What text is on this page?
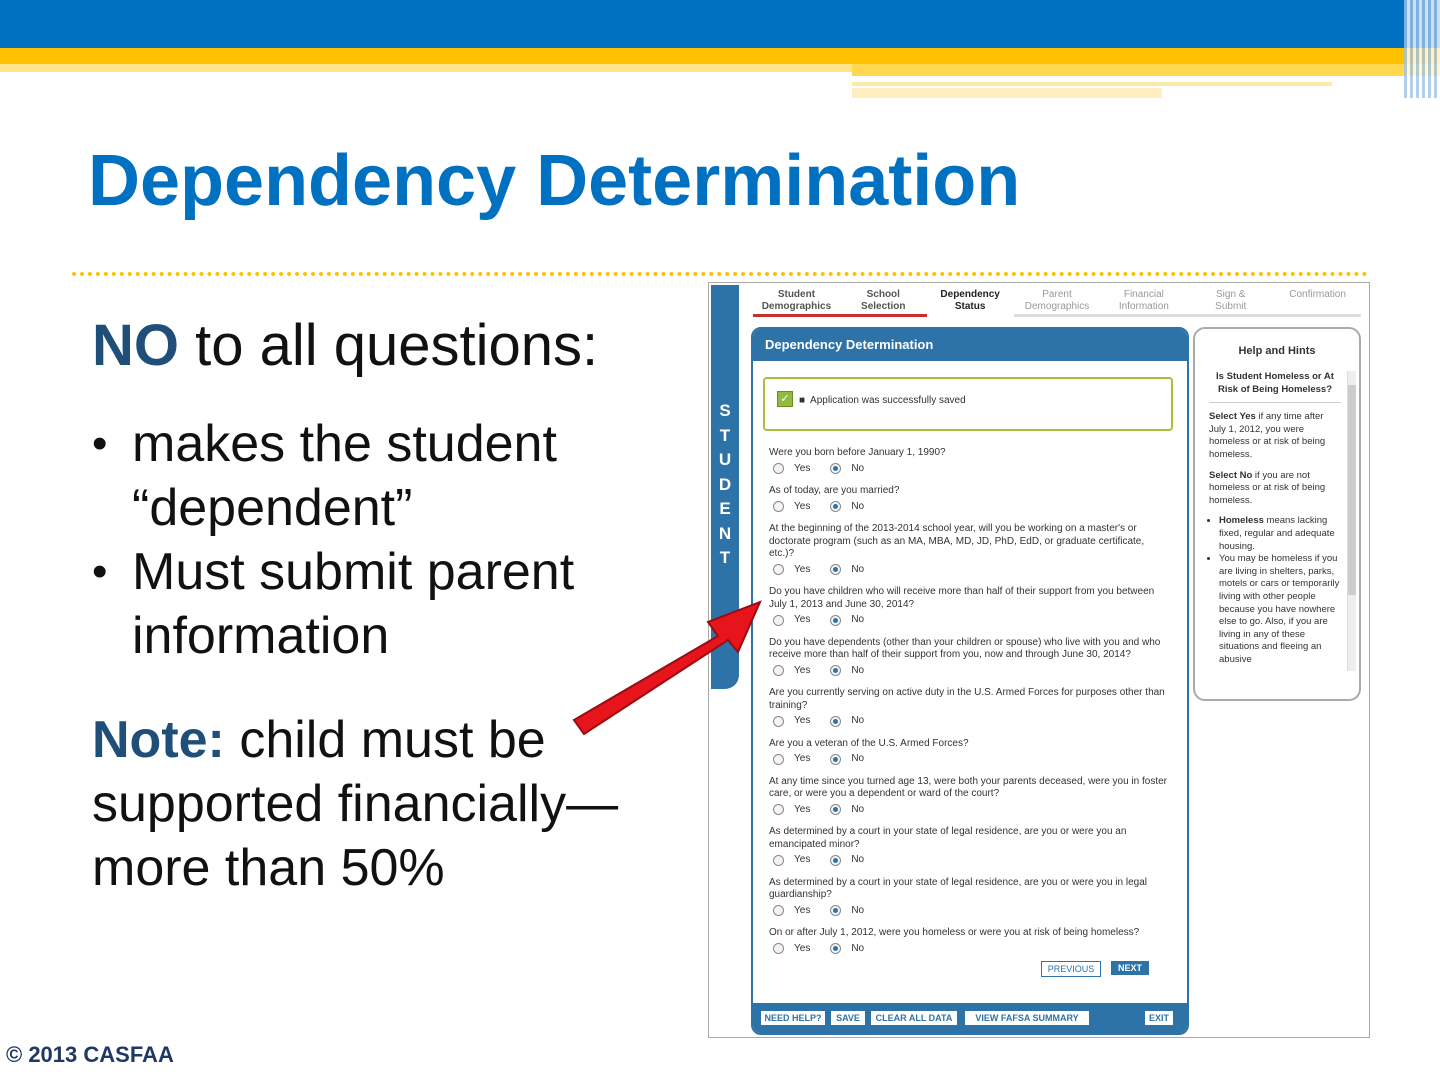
Dependency Determination
NO to all questions:
• makes the student “dependent”
• Must submit parent information
Note: child must be supported financially—more than 50%
© 2013 CASFAA
S
T
U
D
E
N
T
Student
Demographics
School
Selection
Dependency
Status
Parent
Demographics
Financial
Information
Sign &
Submit
Confirmation
Dependency Determination
✓ ■  Application was successfully saved
Were you born before January 1, 1990?
Yes	No
As of today, are you married?
Yes	No
At the beginning of the 2013-2014 school year, will you be working on a master's or doctorate program (such as an MA, MBA, MD, JD, PhD, EdD, or graduate certificate, etc.)?
Yes	No
Do you have children who will receive more than half of their support from you between July 1, 2013 and June 30, 2014?
Yes	No
Do you have dependents (other than your children or spouse) who live with you and who receive more than half of their support from you, now and through June 30, 2014?
Yes	No
Are you currently serving on active duty in the U.S. Armed Forces for purposes other than training?
Yes	No
Are you a veteran of the U.S. Armed Forces?
Yes	No
At any time since you turned age 13, were both your parents deceased, were you in foster care, or were you a dependent or ward of the court?
Yes	No
As determined by a court in your state of legal residence, are you or were you an emancipated minor?
Yes	No
As determined by a court in your state of legal residence, are you or were you in legal guardianship?
Yes	No
On or after July 1, 2012, were you homeless or were you at risk of being homeless?
Yes	No
PREVIOUS	NEXT
NEED HELP?	SAVE	CLEAR ALL DATA	VIEW FAFSA SUMMARY	EXIT
Help and Hints
Is Student Homeless or At Risk of Being Homeless?

Select Yes if any time after July 1, 2012, you were homeless or at risk of being homeless.

Select No if you are not homeless or at risk of being homeless.

• Homeless means lacking fixed, regular and adequate housing.
• You may be homeless if you are living in shelters, parks, motels or cars or temporarily living with other people because you have nowhere else to go. Also, if you are living in any of these situations and fleeing an abusive
